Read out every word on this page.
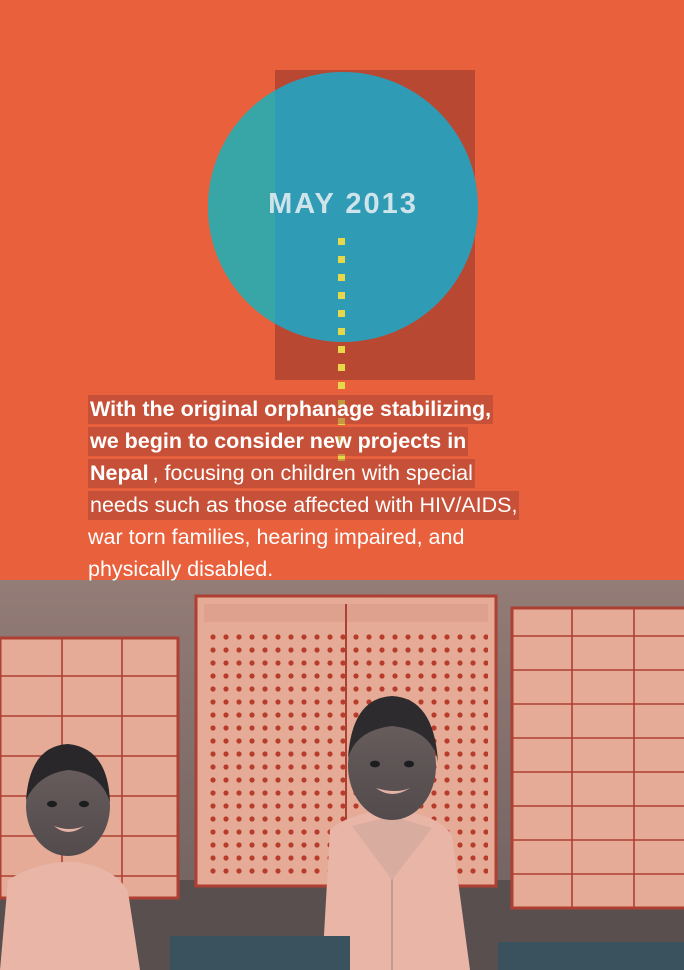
MAY 2013
With the original orphanage stabilizing,
we begin to consider new projects in
Nepal , focusing on children with special
needs such as those affected with HIV/AIDS,
war torn families, hearing impaired, and
physically disabled.
